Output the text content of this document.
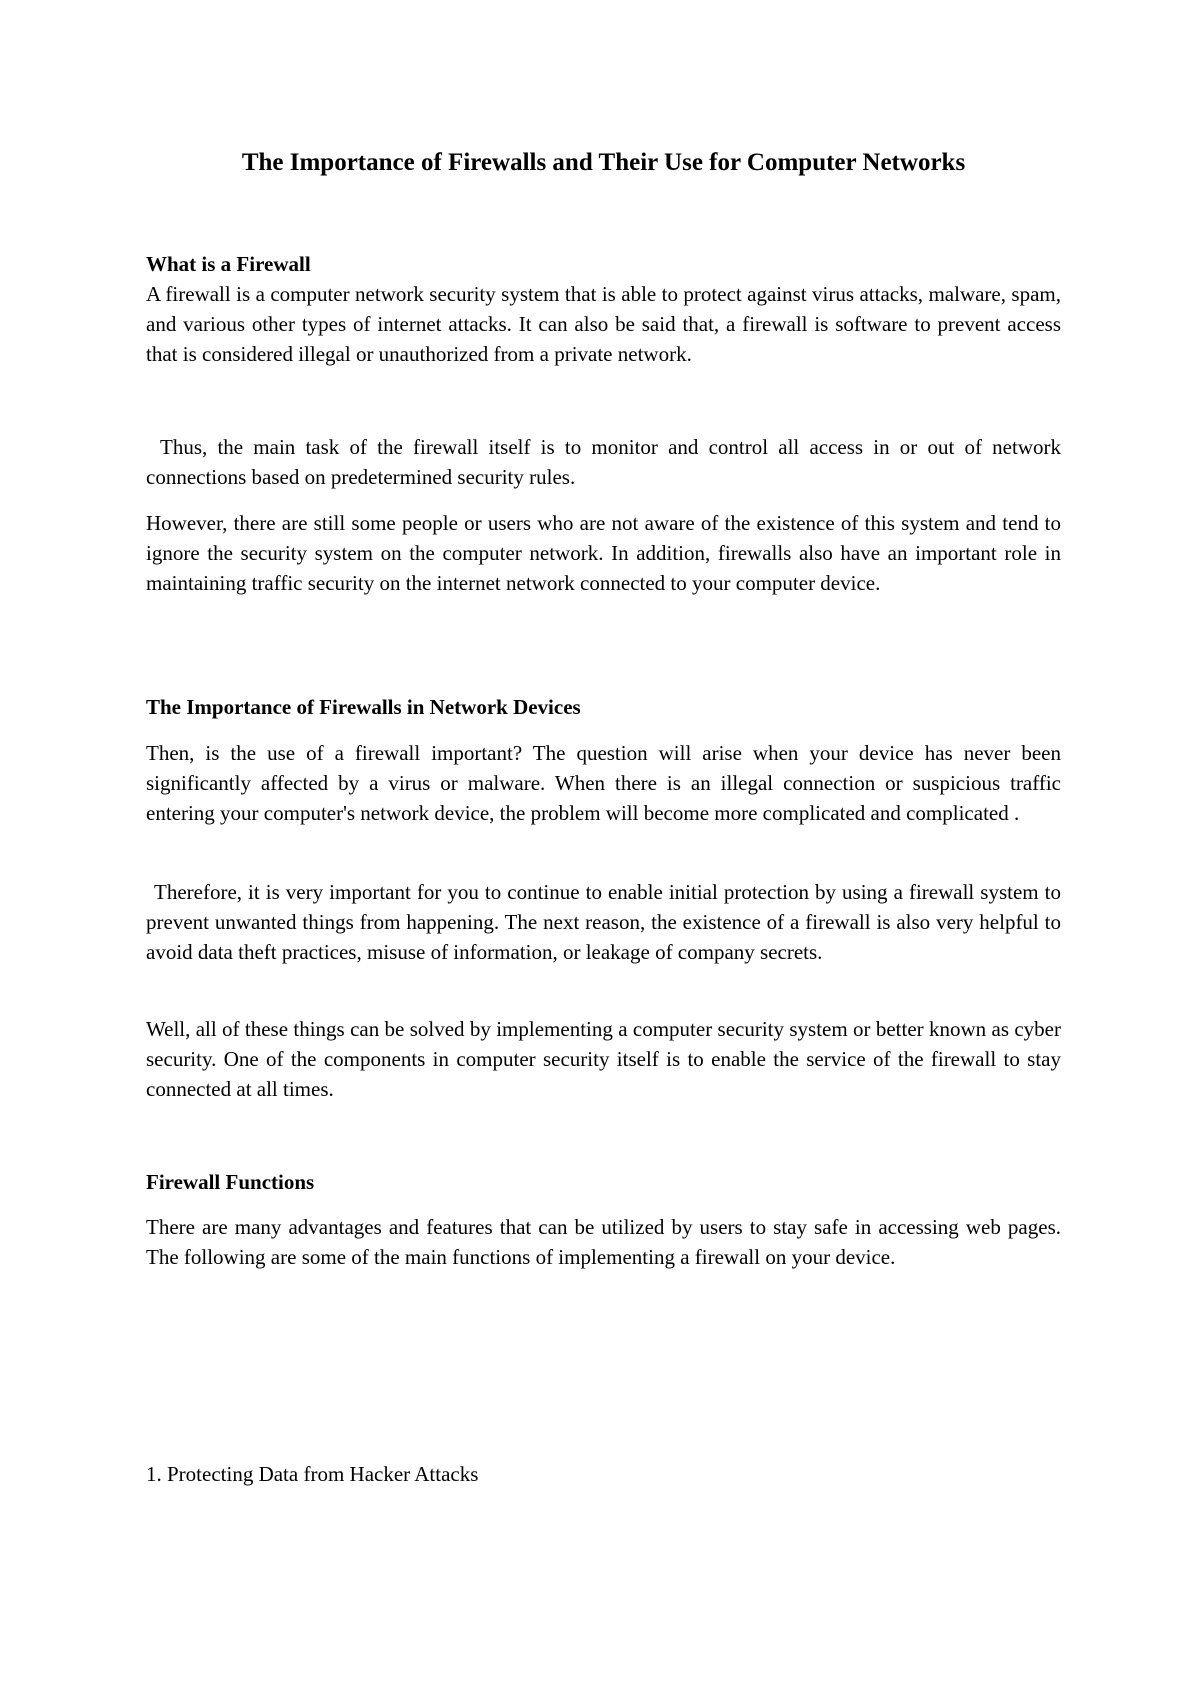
The Importance of Firewalls and Their Use for Computer Networks
What is a Firewall

A firewall is a computer network security system that is able to protect against virus attacks, malware, spam, and various other types of internet attacks. It can also be said that, a firewall is software to prevent access that is considered illegal or unauthorized from a private network.

Thus, the main task of the firewall itself is to monitor and control all access in or out of network connections based on predetermined security rules.

However, there are still some people or users who are not aware of the existence of this system and tend to ignore the security system on the computer network. In addition, firewalls also have an important role in maintaining traffic security on the internet network connected to your computer device.

The Importance of Firewalls in Network Devices

Then, is the use of a firewall important? The question will arise when your device has never been significantly affected by a virus or malware. When there is an illegal connection or suspicious traffic entering your computer's network device, the problem will become more complicated and complicated .

Therefore, it is very important for you to continue to enable initial protection by using a firewall system to prevent unwanted things from happening. The next reason, the existence of a firewall is also very helpful to avoid data theft practices, misuse of information, or leakage of company secrets.

Well, all of these things can be solved by implementing a computer security system or better known as cyber security. One of the components in computer security itself is to enable the service of the firewall to stay connected at all times.

Firewall Functions

There are many advantages and features that can be utilized by users to stay safe in accessing web pages. The following are some of the main functions of implementing a firewall on your device.

1. Protecting Data from Hacker Attacks
